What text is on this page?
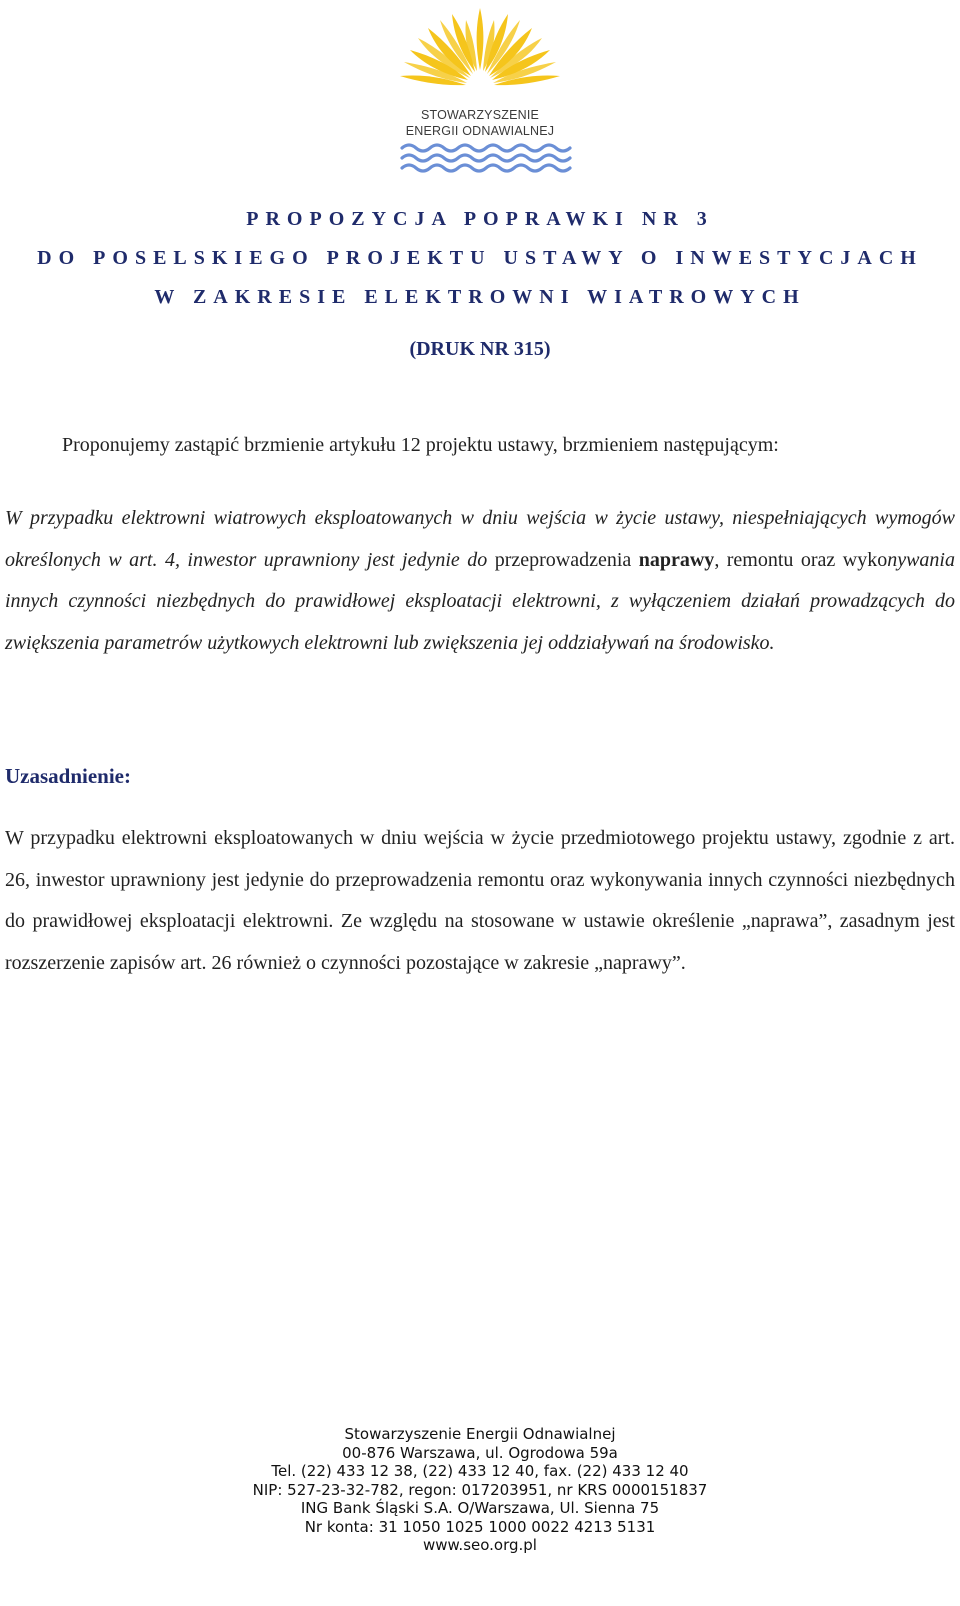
STOWARZYSZENIE
ENERGII ODNAWIALNEJ
PROPOZYCJA POPRAWKI NR 3
DO POSELSKIEGO PROJEKTU USTAWY O INWESTYCJACH
W ZAKRESIE ELEKTROWNI WIATROWYCH
(DRUK NR 315)
Proponujemy zastąpić brzmienie artykułu 12 projektu ustawy, brzmieniem następującym:
W przypadku elektrowni wiatrowych eksploatowanych w dniu wejścia w życie ustawy, niespełniających wymogów określonych w art. 4, inwestor uprawniony jest jedynie do przeprowadzenia naprawy, remontu oraz wykonywania innych czynności niezbędnych do prawidłowej eksploatacji elektrowni, z wyłączeniem działań prowadzących do zwiększenia parametrów użytkowych elektrowni lub zwiększenia jej oddziaływań na środowisko.
Uzasadnienie:
W przypadku elektrowni eksploatowanych w dniu wejścia w życie przedmiotowego projektu ustawy, zgodnie z art. 26, inwestor uprawniony jest jedynie do przeprowadzenia remontu oraz wykonywania innych czynności niezbędnych do prawidłowej eksploatacji elektrowni. Ze względu na stosowane w ustawie określenie „naprawa”, zasadnym jest rozszerzenie zapisów art. 26 również o czynności pozostające w zakresie „naprawy”.
Stowarzyszenie Energii Odnawialnej
00-876 Warszawa, ul. Ogrodowa 59a
Tel. (22) 433 12 38, (22) 433 12 40, fax. (22) 433 12 40
NIP: 527-23-32-782, regon: 017203951, nr KRS 0000151837
ING Bank Śląski S.A. O/Warszawa, Ul. Sienna 75
Nr konta: 31 1050 1025 1000 0022 4213 5131
www.seo.org.pl
